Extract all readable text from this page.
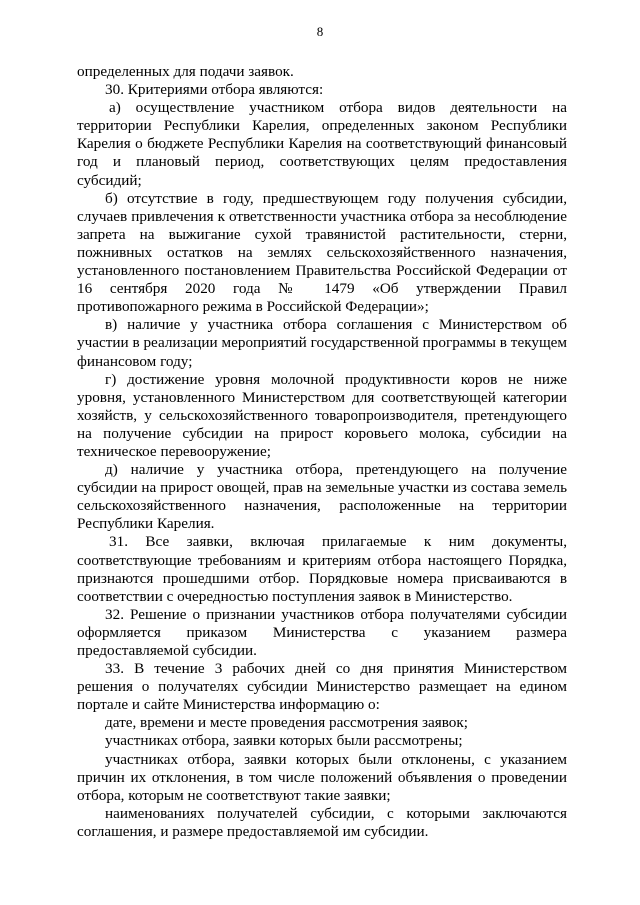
8

определенных для подачи заявок.

30. Критериями отбора являются:

а) осуществление участником отбора видов деятельности на территории Республики Карелия, определенных законом Республики Карелия о бюджете Республики Карелия на соответствующий финансовый год и плановый период, соответствующих целям предоставления субсидий;

б) отсутствие в году, предшествующем году получения субсидии, случаев привлечения к ответственности участника отбора за несоблюдение запрета на выжигание сухой травянистой растительности, стерни, пожнивных остатков на землях сельскохозяйственного назначения, установленного постановлением Правительства Российской Федерации от 16 сентября 2020 года № 1479 «Об утверждении Правил противопожарного режима в Российской Федерации»;

в) наличие у участника отбора соглашения с Министерством об участии в реализации мероприятий государственной программы в текущем финансовом году;

г) достижение уровня молочной продуктивности коров не ниже уровня, установленного Министерством для соответствующей категории хозяйств, у сельскохозяйственного товаропроизводителя, претендующего на получение субсидии на прирост коровьего молока, субсидии на техническое перевооружение;

д) наличие у участника отбора, претендующего на получение субсидии на прирост овощей, прав на земельные участки из состава земель сельскохозяйственного назначения, расположенные на территории Республики Карелия.

31. Все заявки, включая прилагаемые к ним документы, соответствующие требованиям и критериям отбора настоящего Порядка, признаются прошедшими отбор. Порядковые номера присваиваются в соответствии с очередностью поступления заявок в Министерство.

32. Решение о признании участников отбора получателями субсидии оформляется приказом Министерства с указанием размера предоставляемой субсидии.

33. В течение 3 рабочих дней со дня принятия Министерством решения о получателях субсидии Министерство размещает на едином портале и сайте Министерства информацию о:

дате, времени и месте проведения рассмотрения заявок;

участниках отбора, заявки которых были рассмотрены;

участниках отбора, заявки которых были отклонены, с указанием причин их отклонения, в том числе положений объявления о проведении отбора, которым не соответствуют такие заявки;

наименованиях получателей субсидии, с которыми заключаются соглашения, и размере предоставляемой им субсидии.
